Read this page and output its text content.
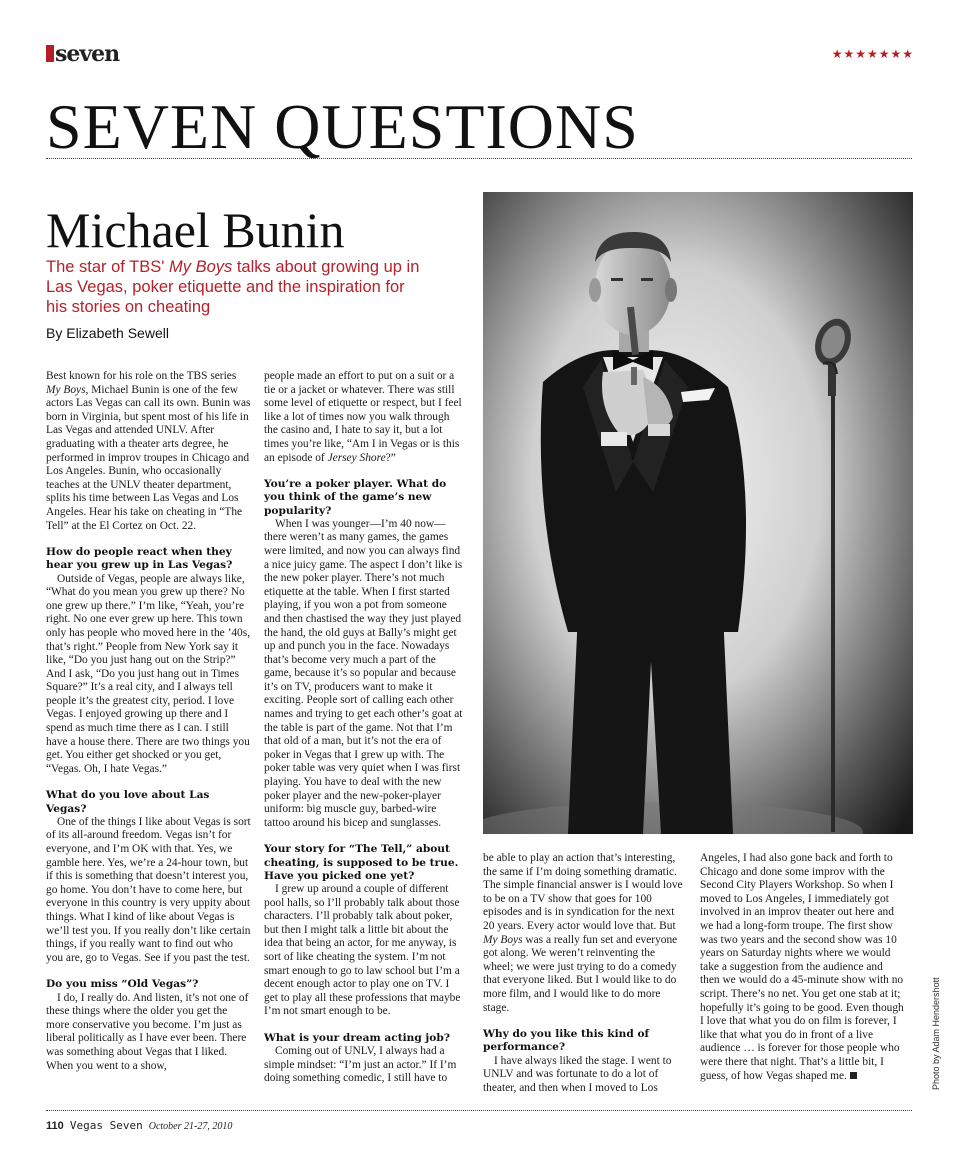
seven	★★★★★★★
SEVEN QUESTIONS
Michael Bunin
The star of TBS' My Boys talks about growing up in Las Vegas, poker etiquette and the inspiration for his stories on cheating
By Elizabeth Sewell

Best known for his role on the TBS series My Boys, Michael Bunin is one of the few actors Las Vegas can call its own. Bunin was born in Virginia, but spent most of his life in Las Vegas and attended UNLV. After graduating with a theater arts degree, he performed in improv troupes in Chicago and Los Angeles. Bunin, who occasionally teaches at the UNLV theater department, splits his time between Las Vegas and Los Angeles. Hear his take on cheating in “The Tell” at the El Cortez on Oct. 22.

How do people react when they hear you grew up in Las Vegas?

Outside of Vegas, people are always like, “What do you mean you grew up there? No one grew up there.” I’m like, “Yeah, you’re right. No one ever grew up here. This town only has people who moved here in the ’40s, that’s right.” People from New York say it like, “Do you just hang out on the Strip?” And I ask, “Do you just hang out in Times Square?” It’s a real city, and I always tell people it’s the greatest city, period. I love Vegas. I enjoyed growing up there and I spend as much time there as I can. I still have a house there. There are two things you get. You either get shocked or you get, “Vegas. Oh, I hate Vegas.”

What do you love about Las Vegas?

One of the things I like about Vegas is sort of its all-around freedom. Vegas isn’t for everyone, and I’m OK with that. Yes, we gamble here. Yes, we’re a 24-hour town, but if this is something that doesn’t interest you, go home. You don’t have to come here, but everyone in this country is very uppity about things. What I kind of like about Vegas is we’ll test you. If you really don’t like certain things, if you really want to find out who you are, go to Vegas. See if you past the test.

Do you miss “Old Vegas”?

I do, I really do. And listen, it’s not one of these things where the older you get the more conservative you become. I’m just as liberal politically as I have ever been. There was something about Vegas that I liked. When you went to a show,

people made an effort to put on a suit or a tie or a jacket or whatever. There was still some level of etiquette or respect, but I feel like a lot of times now you walk through the casino and, I hate to say it, but a lot times you’re like, “Am I in Vegas or is this an episode of Jersey Shore?”

You’re a poker player. What do you think of the game’s new popularity?

When I was younger—I’m 40 now—there weren’t as many games, the games were limited, and now you can always find a nice juicy game. The aspect I don’t like is the new poker player. There’s not much etiquette at the table. When I first started playing, if you won a pot from someone and then chastised the way they just played the hand, the old guys at Bally’s might get up and punch you in the face. Nowadays that’s become very much a part of the game, because it’s so popular and because it’s on TV, producers want to make it exciting. People sort of calling each other names and trying to get each other’s goat at the table is part of the game. Not that I’m that old of a man, but it’s not the era of poker in Vegas that I grew up with. The poker table was very quiet when I was first playing. You have to deal with the new poker player and the new-poker-player uniform: big muscle guy, barbed-wire tattoo around his bicep and sunglasses.

Your story for “The Tell,” about cheating, is supposed to be true. Have you picked one yet?

I grew up around a couple of different pool halls, so I’ll probably talk about those characters. I’ll probably talk about poker, but then I might talk a little bit about the idea that being an actor, for me anyway, is sort of like cheating the system. I’m not smart enough to go to law school but I’m a decent enough actor to play one on TV. I get to play all these professions that maybe I’m not smart enough to be.

What is your dream acting job?

Coming out of UNLV, I always had a simple mindset: “I’m just an actor.” If I’m doing something comedic, I still have to

be able to play an action that’s interesting, the same if I’m doing something dramatic. The simple financial answer is I would love to be on a TV show that goes for 100 episodes and is in syndication for the next 20 years. Every actor would love that. But My Boys was a really fun set and everyone got along. We weren’t reinventing the wheel; we were just trying to do a comedy that everyone liked. But I would like to do more film, and I would like to do more stage.

Why do you like this kind of performance?

I have always liked the stage. I went to UNLV and was fortunate to do a lot of theater, and then when I moved to Los

Angeles, I had also gone back and forth to Chicago and done some improv with the Second City Players Workshop. So when I moved to Los Angeles, I immediately got involved in an improv theater out here and we had a long-form troupe. The first show was two years and the second show was 10 years on Saturday nights where we would take a suggestion from the audience and then we would do a 45-minute show with no script. There’s no net. You get one stab at it; hopefully it’s going to be good. Even though I love that what you do on film is forever, I like that what you do in front of a live audience … is forever for those people who were there that night. That’s a little bit, I guess, of how Vegas shaped me.	Photo by Adam Hendershott
110 Vegas Seven October 21-27, 2010
